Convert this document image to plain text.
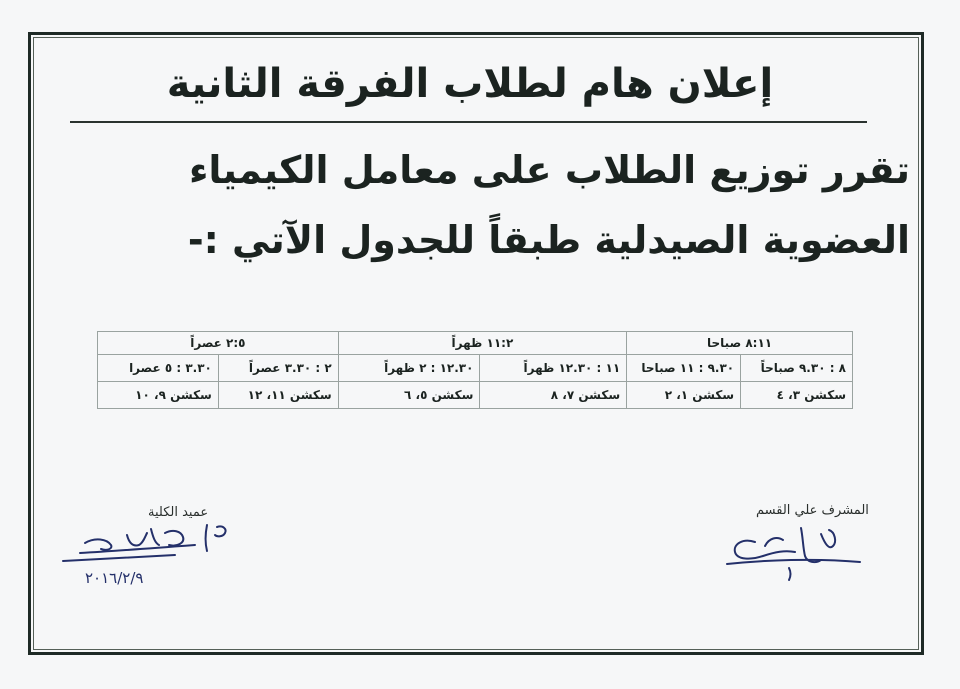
إعلان هام لطلاب الفرقة الثانية
تقرر توزيع الطلاب على معامل الكيمياء
العضوية الصيدلية طبقاً للجدول الآتي :-
٨:١١ صباحا		١١:٢ ظهراً		٢:٥ عصراً	
٨ : ٩.٣٠ صباحاً	٩.٣٠ : ١١ صباحا	١١ : ١٢.٣٠ ظهراً	١٢.٣٠ : ٢ ظهراً	٢ : ٣.٣٠ عصراً	٣.٣٠ : ٥ عصرا
سكشن ٣، ٤	سكشن ١، ٢	سكشن ٧، ٨	سكشن ٥، ٦	سكشن ١١، ١٢	سكشن ٩، ١٠
عميد الكلية	المشرف علي القسم
٢٠١٦/٢/٩
